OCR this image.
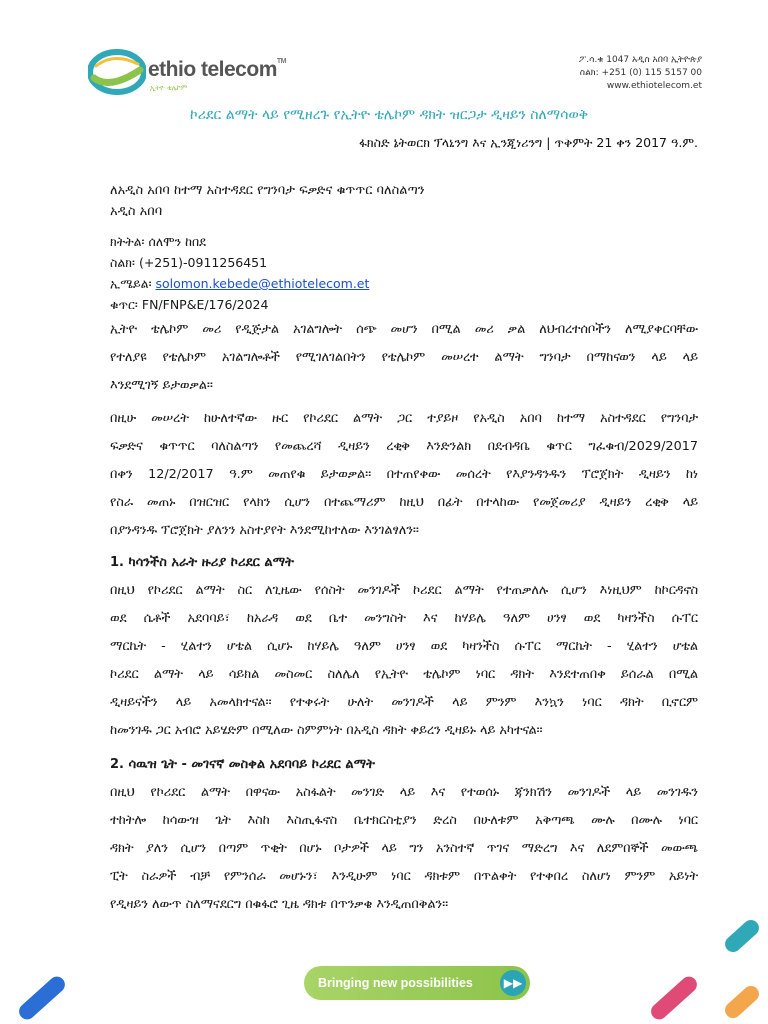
ethio telecom™
ኢትዮ ቴሌኮም
ፖ.ሳ.ቁ 1047 አዲስ አበባ ኢትዮጵያ
ስልክ: +251 (0) 115 5157 00
www.ethiotelecom.et
ኮሪደር ልማት ላይ የሚዘረጉ የኢትዮ ቴሌኮም ዳክት ዝርጋታ ዲዛይን ስለማሳወቅ
ፋክስድ ኔትወርክ ፕላኒንግ እና ኢንጂነሪንግ | ጥቅምት 21 ቀን 2017 ዓ.ም.
ለአዲስ አበባ ከተማ አስተዳደር የግንባታ ፍቃድና ቁጥጥር ባለስልጣን
አዲስ አበባ
ክትትል፡ ሰለሞን ከበደ
ስልክ፡ (+251)-0911256451
ኢሜይል፡ solomon.kebede@ethiotelecom.et
ቁጥር፡ FN/FNP&E/176/2024
ኢትዮ ቴሌኮም መሪ የዲጅታል አገልግሎት ሰጭ መሆን በሚል መሪ ቃል ለህብረተሰቦችን ለሚያቀርባቸው
የተለያዩ የቴሌኮም አገልግሎቶች የሚገለገልበትን የቴሌኮም መሠረተ ልማት ግንባታ በማከናወን ላይ ላይ
እንደሚገኝ ይታወቃል።
በዚሁ መሠረት ከሁለተኛው ዙር የኮሪደር ልማት ጋር ተያይዞ የአዲስ አበባ ከተማ አስተዳደር የግንባታ
ፍቃድና ቁጥጥር ባለስልጣን የመጨረሻ ዲዛይን ረቂቅ እንድንልክ በደብዳቤ ቁጥር ግፈቁብ/2029/2017
በቀን 12/2/2017 ዓ.ም መጠየቁ ይታወቃል። በተጠየቀው መሰረት የእያንዳንዱን ፕሮጀክት ዲዛይን ከነ
የስራ መጠኑ በዝርዝር የላክን ሲሆን በተጨማሪም ከዚህ በፊት በተላከው የመጀመሪያ ዲዛይን ረቂቅ ላይ
በያንዳንዱ ፕሮጀክት ያለንን አስተያየት እንደሚከተለው እንገልፃለን።
1. ካሳንችስ አራት ዙሪያ ኮሪደር ልማት
በዚህ የኮሪደር ልማት ስር ለጊዜው የሰስት መንገዶች ኮሪደር ልማት የተጠቃለሉ ሲሆን እነዚህም ከኮርዳኖስ
ወደ ሴቶች አደባባይ፣ ከአራዳ ወደ ቤተ መንግስት እና ከሃይሌ ዓለም ሀንፃ ወደ ካዛንችስ ሱፐር
ማርኬት - ሂልተን ሆቴል ሲሆኑ ከሃይሌ ዓለም ሀንፃ ወደ ካዛንችስ ሱፐር ማርኬት - ሂልተን ሆቴል
ኮሪደር ልማት ላይ ሳይክል መስመር ስለሌለ የኢትዮ ቴሌኮም ነባር ዳክት እንደተጠበቀ ይሰራል በሚል
ዲዛይናችን ላይ አመላክተናል። የተቀሩት ሁለት መንገዶች ላይ ምንም እንኳን ነባር ዳክት ቢኖርም
ከመንገዱ ጋር አብሮ አይሄድም በሚለው ስምምነት በአዲስ ዳክት ቀይረን ዲዛይኑ ላይ አካተናል።
2. ሳዉዝ ጌት - መገናኛ መስቀል አደባባይ ኮሪደር ልማት
በዚህ የኮሪደር ልማት በዋናው አስፋልት መንገድ ላይ እና የተወሰኑ ጃንክሽን መንገዶች ላይ መንገዱን
ተከትሎ ከሳውዝ ጌት እስከ እስጢፋኖስ ቤተክርስቲያን ድረስ በሁለቱም አቅጣጫ ሙሉ በሙሉ ነባር
ዳክት ያለን ሲሆን በጣም ጥቂት በሆኑ ቦታዎች ላይ ግን አንስተኛ ጥገና ማድረግ እና ለደምበኞች መውጫ
ፒት ስራዎች ብቻ የምንሰራ መሆኑን፣ እንዲሁም ነባር ዳክቱም በጥልቀት የተቀበረ ስለሆነ ምንም አይነት
የዲዛይን ለውጥ ስለማናደርግ በቁፋሮ ጊዜ ዳክቱ በጥንቃቄ እንዲጠበቅልን።
Bringing new possibilities	▶▶
